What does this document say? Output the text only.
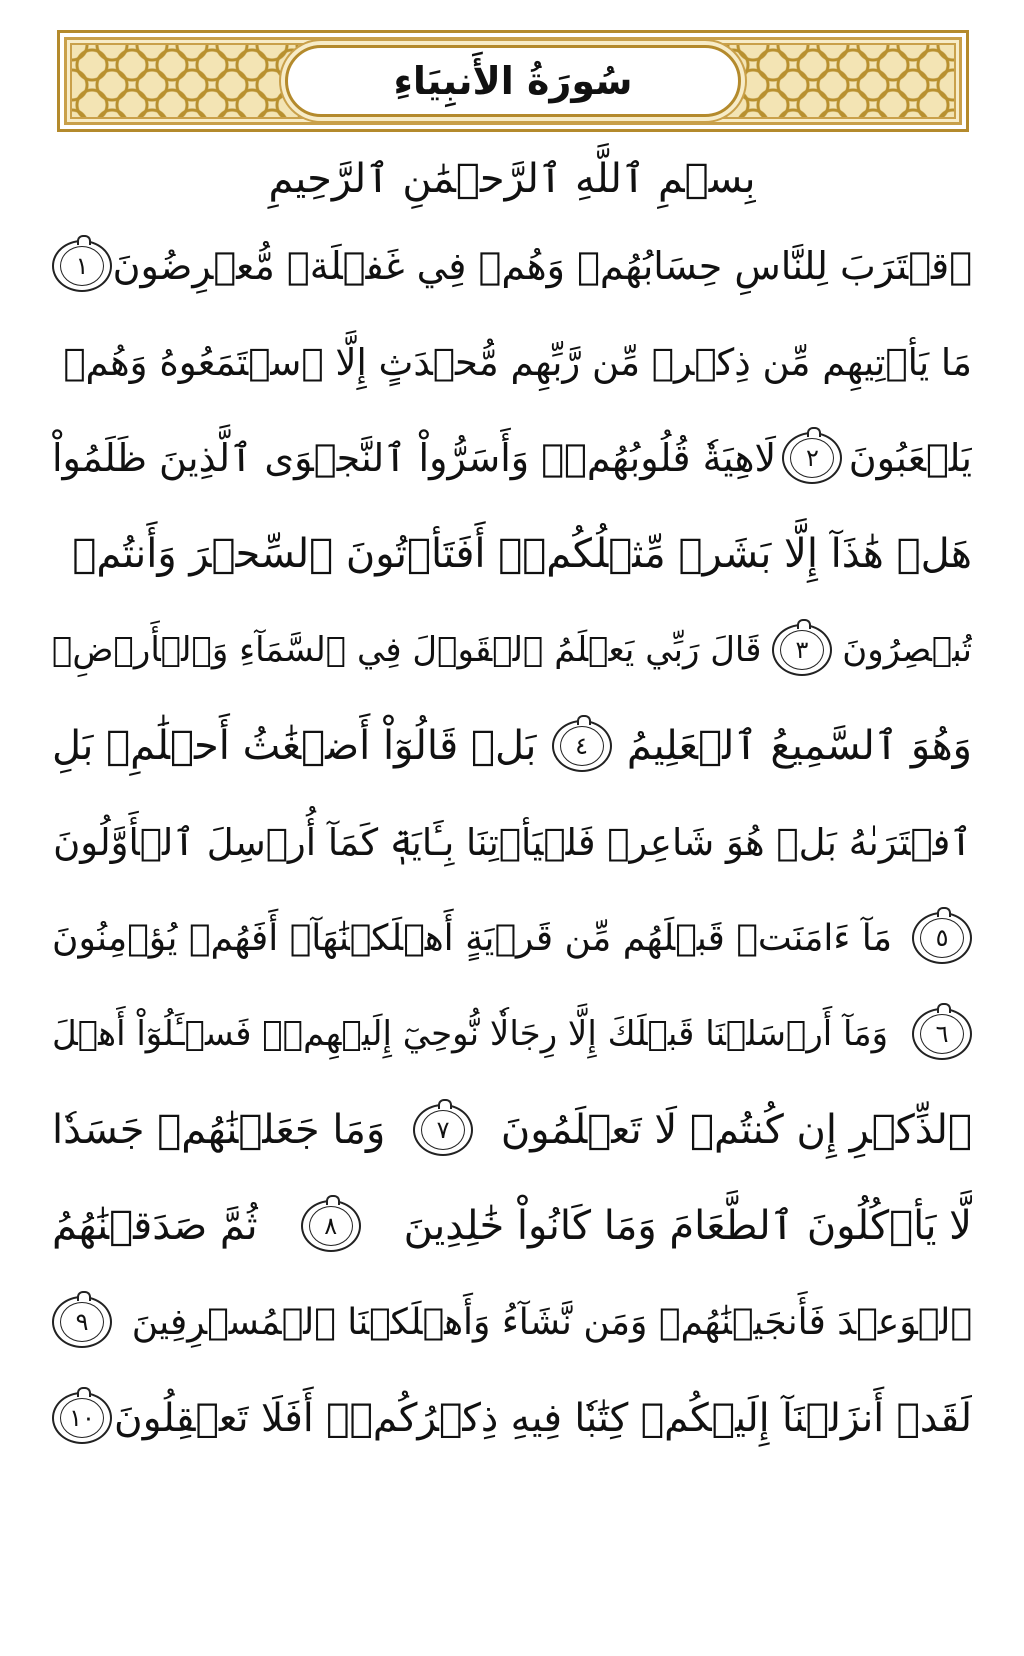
سُورَةُ الأَنبِيَاءِ
بِسۡمِ ٱللَّهِ ٱلرَّحۡمَٰنِ ٱلرَّحِيمِ
ٱقۡتَرَبَ لِلنَّاسِ حِسَابُهُمۡ وَهُمۡ فِي غَفۡلَةٖ مُّعۡرِضُونَ
١
مَا يَأۡتِيهِم مِّن ذِكۡرٖ مِّن رَّبِّهِم مُّحۡدَثٍ إِلَّا ٱسۡتَمَعُوهُ وَهُمۡ
يَلۡعَبُونَ
٢
لَاهِيَةٗ قُلُوبُهُمۡۗ وَأَسَرُّواْ ٱلنَّجۡوَى ٱلَّذِينَ ظَلَمُواْ
هَلۡ هَٰذَآ إِلَّا بَشَرٞ مِّثۡلُكُمۡۖ أَفَتَأۡتُونَ ٱلسِّحۡرَ وَأَنتُمۡ
تُبۡصِرُونَ
٣
قَالَ رَبِّي يَعۡلَمُ ٱلۡقَوۡلَ فِي ٱلسَّمَآءِ وَٱلۡأَرۡضِۖ
وَهُوَ ٱلسَّمِيعُ ٱلۡعَلِيمُ
٤
بَلۡ قَالُوٓاْ أَضۡغَٰثُ أَحۡلَٰمِۭ بَلِ
ٱفۡتَرَىٰهُ بَلۡ هُوَ شَاعِرٞ فَلۡيَأۡتِنَا بِـَٔايَةٖ كَمَآ أُرۡسِلَ ٱلۡأَوَّلُونَ
٥
مَآ ءَامَنَتۡ قَبۡلَهُم مِّن قَرۡيَةٍ أَهۡلَكۡنَٰهَآۖ أَفَهُمۡ يُؤۡمِنُونَ
٦
وَمَآ أَرۡسَلۡنَا قَبۡلَكَ إِلَّا رِجَالٗا نُّوحِيٓ إِلَيۡهِمۡۖ فَسۡـَٔلُوٓاْ أَهۡلَ
ٱلذِّكۡرِ إِن كُنتُمۡ لَا تَعۡلَمُونَ
٧
وَمَا جَعَلۡنَٰهُمۡ جَسَدٗا
لَّا يَأۡكُلُونَ ٱلطَّعَامَ وَمَا كَانُواْ خَٰلِدِينَ
٨
ثُمَّ صَدَقۡنَٰهُمُ
ٱلۡوَعۡدَ فَأَنجَيۡنَٰهُمۡ وَمَن نَّشَآءُ وَأَهۡلَكۡنَا ٱلۡمُسۡرِفِينَ
٩
لَقَدۡ أَنزَلۡنَآ إِلَيۡكُمۡ كِتَٰبٗا فِيهِ ذِكۡرُكُمۡۚ أَفَلَا تَعۡقِلُونَ
١٠
